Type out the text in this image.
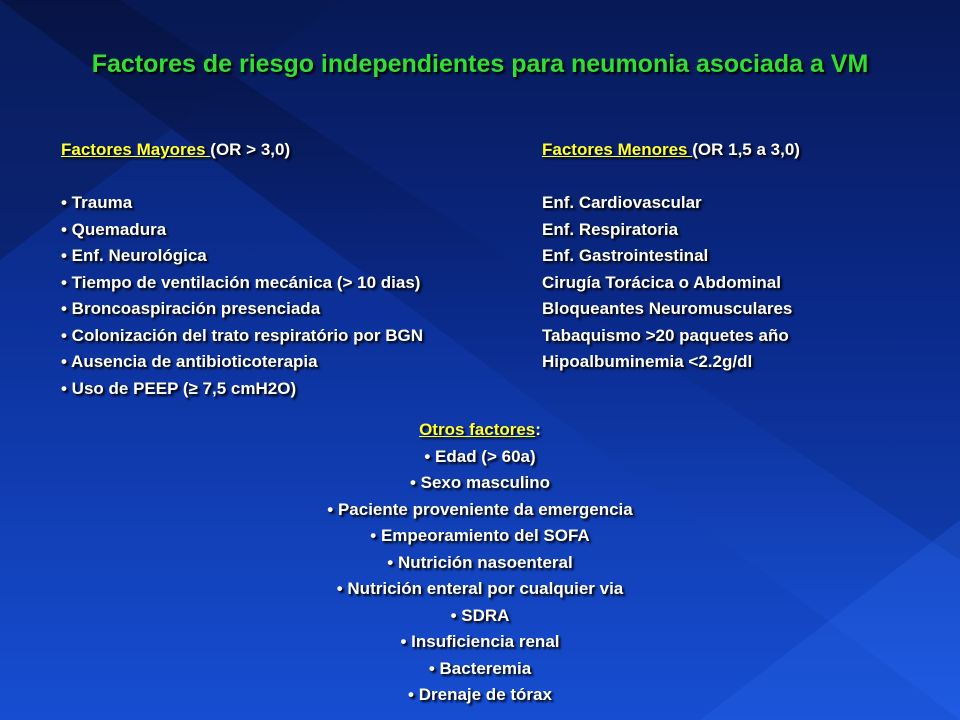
Factores de riesgo independientes para neumonia asociada a VM
Factores Mayores (OR > 3,0)
• Trauma
• Quemadura
• Enf. Neurológica
• Tiempo de ventilación mecánica (> 10 dias)
• Broncoaspiración presenciada
• Colonización del trato respiratório por BGN
• Ausencia de antibioticoterapia
• Uso de PEEP (≥ 7,5 cmH2O)
Factores Menores (OR 1,5 a 3,0)
Enf. Cardiovascular
Enf. Respiratoria
Enf. Gastrointestinal
Cirugía Torácica o Abdominal
Bloqueantes Neuromusculares
Tabaquismo >20 paquetes año
Hipoalbuminemia <2.2g/dl
Otros factores:
• Edad (> 60a)
• Sexo masculino
• Paciente proveniente da emergencia
• Empeoramiento del SOFA
• Nutrición nasoenteral
• Nutrición enteral por cualquier via
• SDRA
• Insuficiencia renal
• Bacteremia
• Drenaje de tórax
